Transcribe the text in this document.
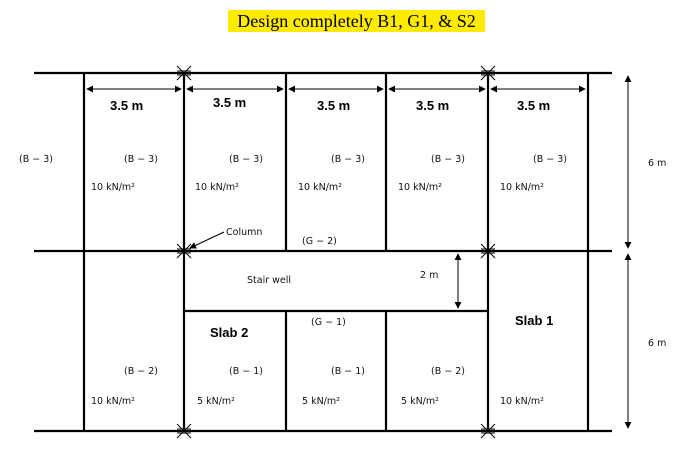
Design completely B1, G1, & S2
3.5 m	3.5 m	3.5 m	3.5 m	3.5 m
(B − 3)	(B − 3)	(B − 3)	(B − 3)	(B − 3)	(B − 3)
10 kN/m²	10 kN/m²	10 kN/m²	10 kN/m²	10 kN/m²
Column
(G − 2)
Stair well	2 m
(G − 1)	Slab 1
Slab 2
(B − 2)	(B − 1)	(B − 1)	(B − 2)
10 kN/m²	5 kN/m²	5 kN/m²	5 kN/m²	10 kN/m²
6 m
6 m
